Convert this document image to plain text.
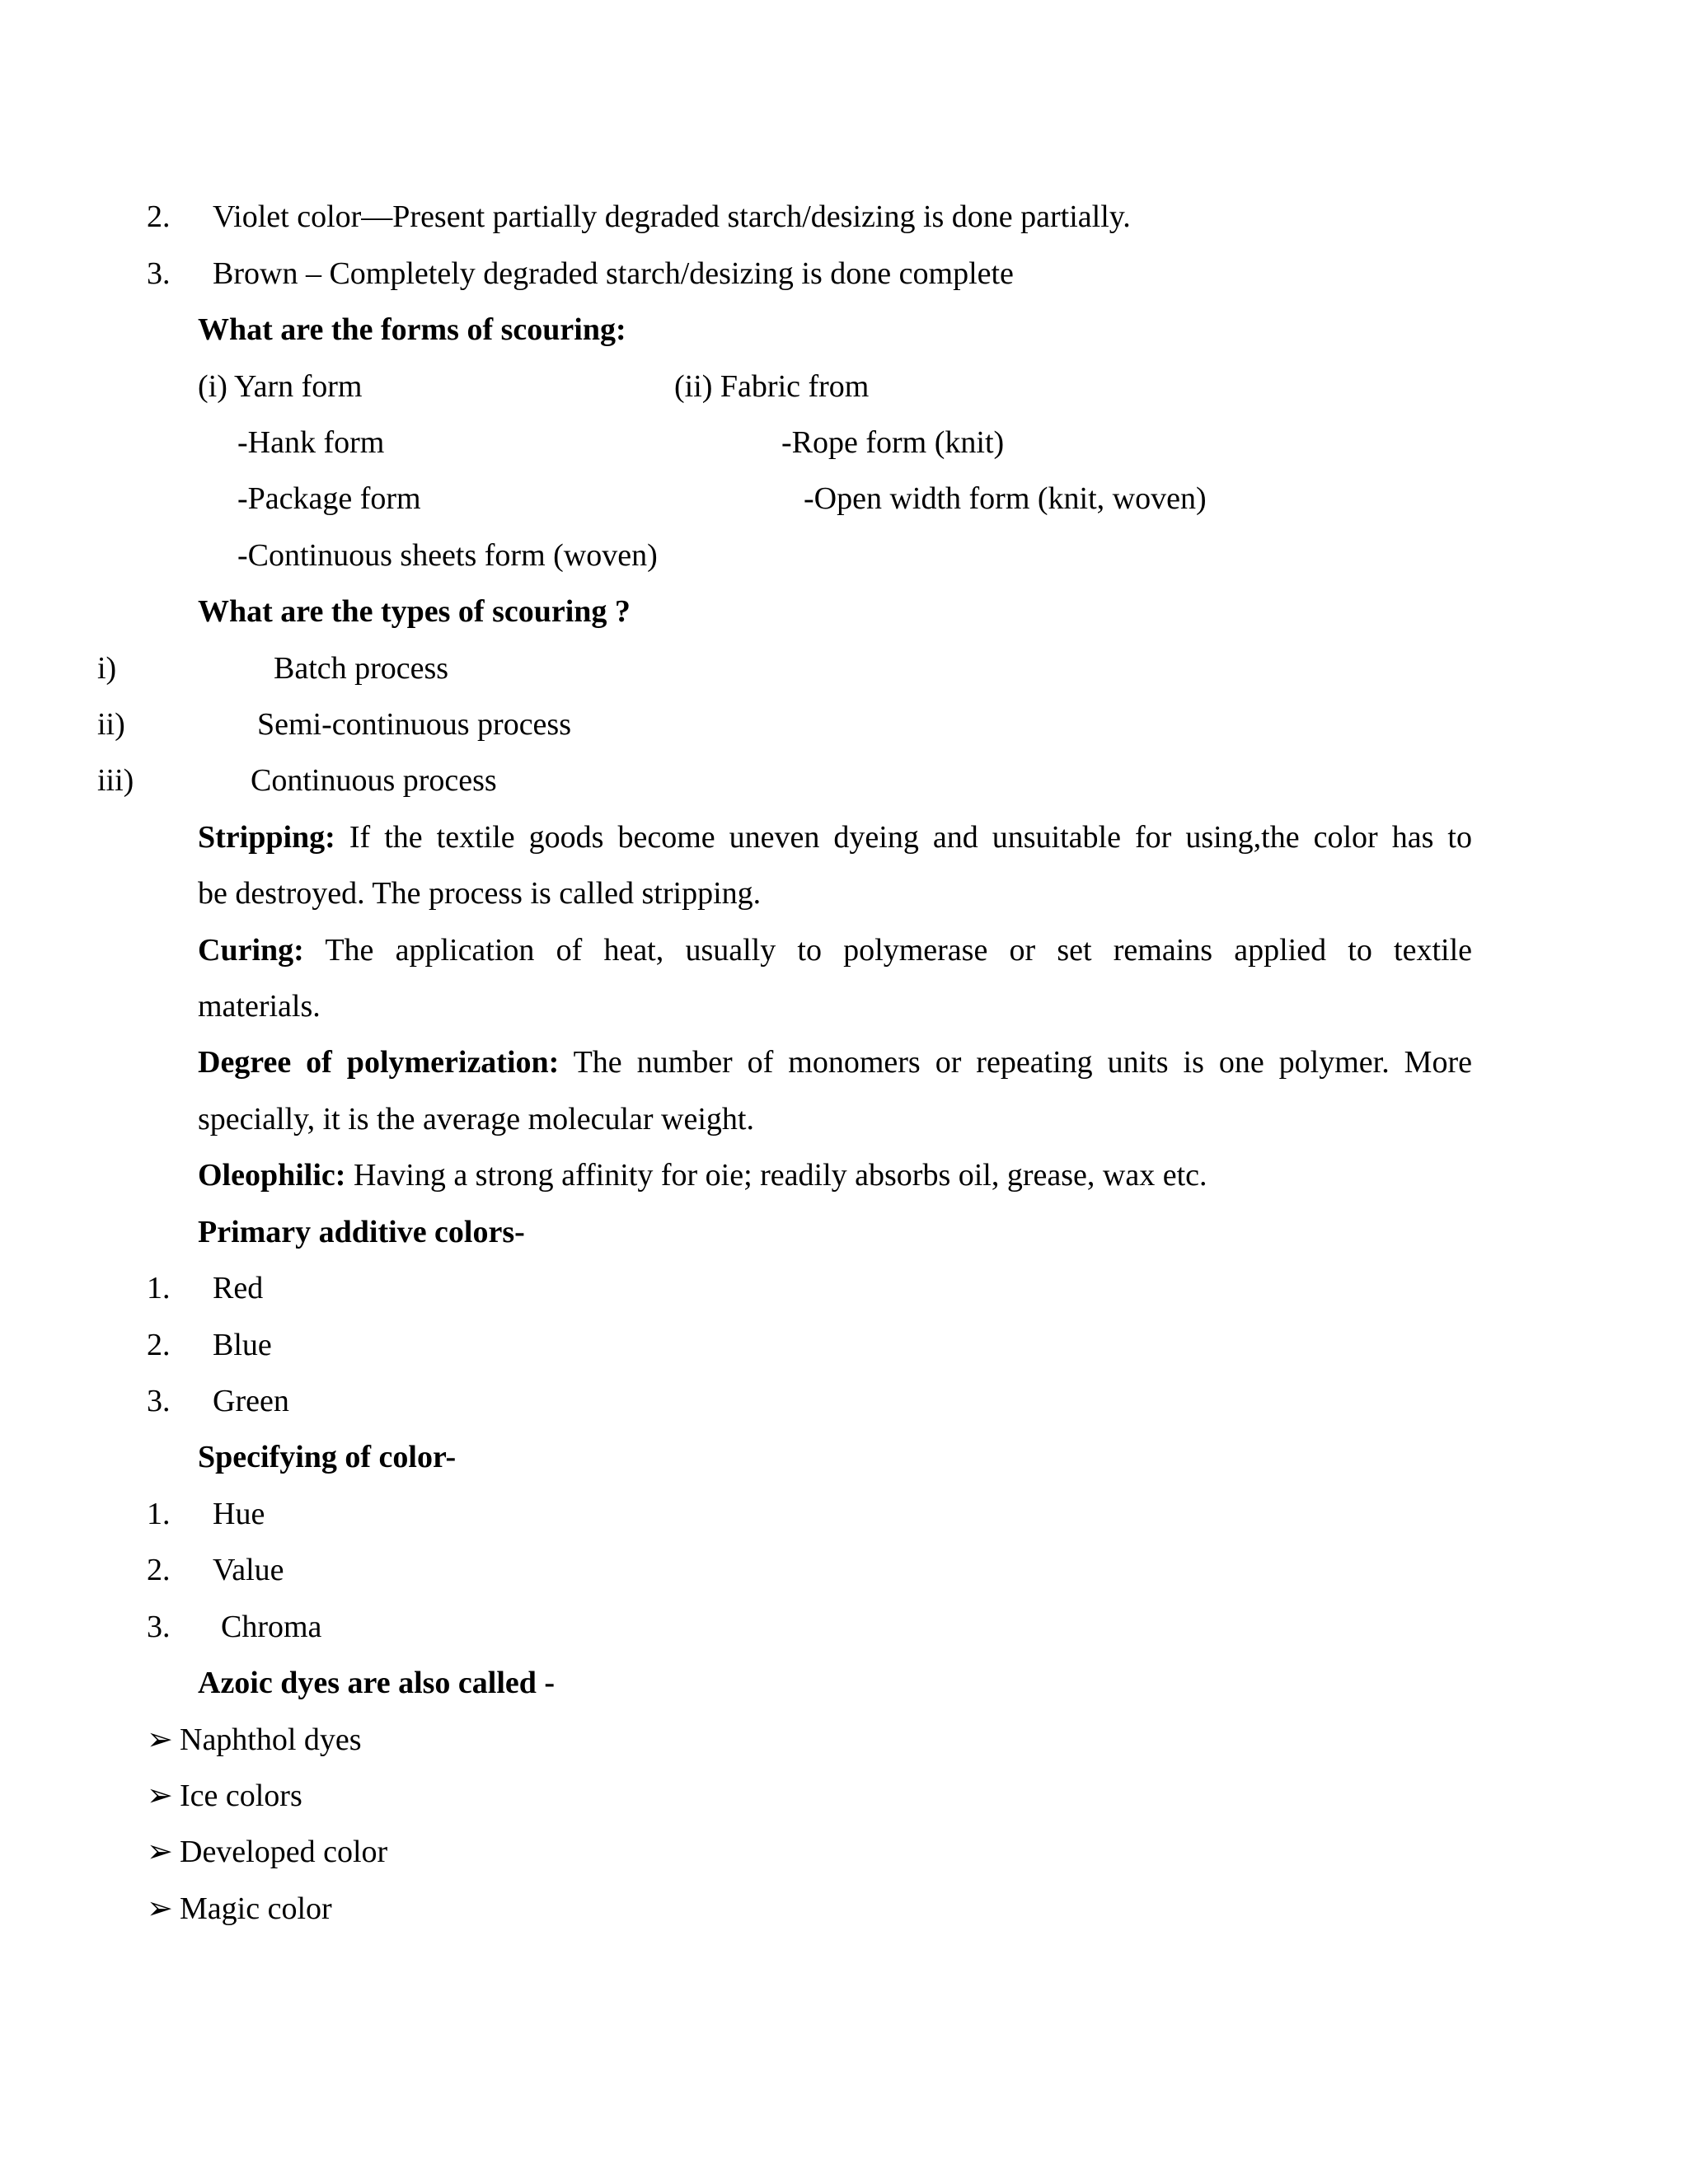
2. Violet color—Present partially degraded starch/desizing is done partially.
3. Brown – Completely degraded starch/desizing is done complete
What are the forms of scouring:
(i) Yarn form	(ii) Fabric from
-Hank form	-Rope form (knit)
-Package form	-Open width form (knit, woven)
-Continuous sheets form (woven)
What are the types of scouring ?
i)	Batch process
ii)	Semi-continuous process
iii)	Continuous process
Stripping: If the textile goods become uneven dyeing and unsuitable for using,the color has to
be destroyed. The process is called stripping.
Curing: The application of heat, usually to polymerase or set remains applied to textile
materials.
Degree of polymerization: The number of monomers or repeating units is one polymer. More
specially, it is the average molecular weight.
Oleophilic: Having a strong affinity for oie; readily absorbs oil, grease, wax etc.
Primary additive colors-
1. Red
2. Blue
3. Green
Specifying of color-
1. Hue
2. Value
3. Chroma
Azoic dyes are also called -
➢ Naphthol dyes
➢ Ice colors
➢ Developed color
➢ Magic color
